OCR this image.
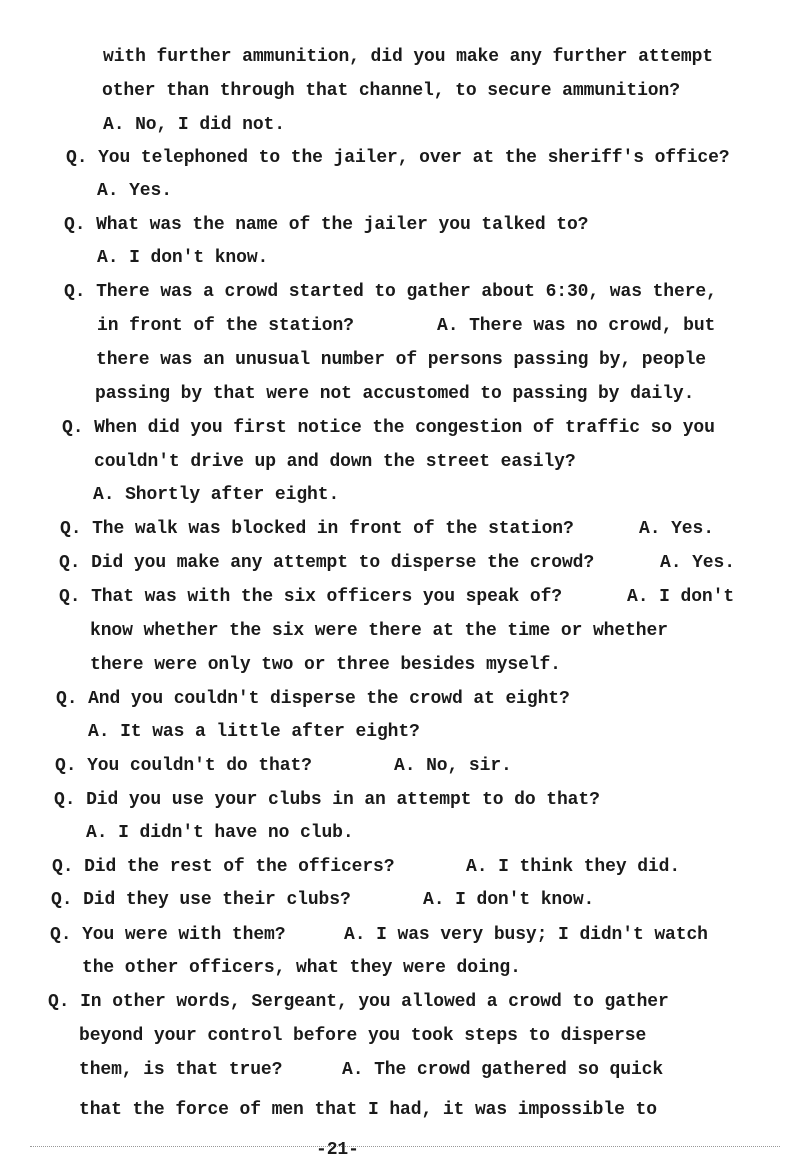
with further ammunition, did you make any further attempt
other than through that channel, to secure ammunition?
A. No, I did not.
Q. You telephoned to the jailer, over at the sheriff's office?
A. Yes.
Q. What was the name of the jailer you talked to?
A. I don't know.
Q. There was a crowd started to gather about 6:30, was there,
in front of the station?	A. There was no crowd, but
there was an unusual number of persons passing by, people
passing by that were not accustomed to passing by daily.
Q. When did you first notice the congestion of traffic so you
couldn't drive up and down the street easily?
A. Shortly after eight.
Q. The walk was blocked in front of the station?	A. Yes.
Q. Did you make any attempt to disperse the crowd?	A. Yes.
Q. That was with the six officers you speak of?	A. I don't
know whether the six were there at the time or whether
there were only two or three besides myself.
Q. And you couldn't disperse the crowd at eight?
A. It was a little after eight?
Q. You couldn't do that?	A. No, sir.
Q. Did you use your clubs in an attempt to do that?
A. I didn't have no club.
Q. Did the rest of the officers?	A. I think they did.
Q. Did they use their clubs?	A. I don't know.
Q. You were with them?	A. I was very busy; I didn't watch
the other officers, what they were doing.
Q. In other words, Sergeant, you allowed a crowd to gather
beyond your control before you took steps to disperse
them, is that true?	A. The crowd gathered so quick
that the force of men that I had, it was impossible to
-21-
